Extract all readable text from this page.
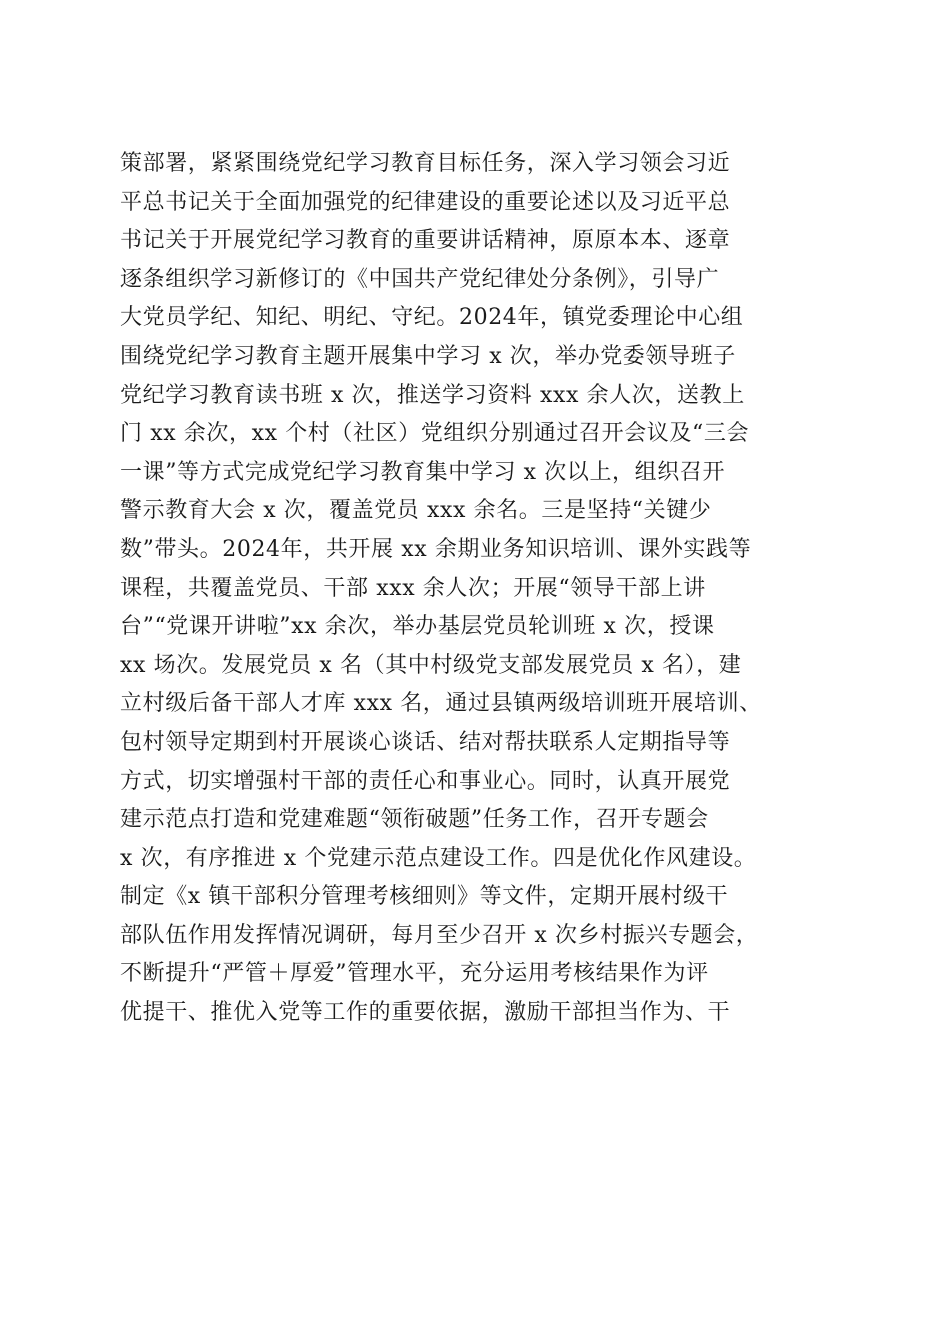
策部署，紧紧围绕党纪学习教育目标任务，深入学习领会习近
平总书记关于全面加强党的纪律建设的重要论述以及习近平总
书记关于开展党纪学习教育的重要讲话精神，原原本本、逐章
逐条组织学习新修订的《中国共产党纪律处分条例》，引导广
大党员学纪、知纪、明纪、守纪。2024年，镇党委理论中心组
围绕党纪学习教育主题开展集中学习 x 次，举办党委领导班子
党纪学习教育读书班 x 次，推送学习资料 xxx 余人次，送教上
门 xx 余次，xx 个村（社区）党组织分别通过召开会议及“三会
一课”等方式完成党纪学习教育集中学习 x 次以上，组织召开
警示教育大会 x 次，覆盖党员 xxx 余名。三是坚持“关键少
数”带头。2024年，共开展 xx 余期业务知识培训、课外实践等
课程，共覆盖党员、干部 xxx 余人次；开展“领导干部上讲
台”“党课开讲啦”xx 余次，举办基层党员轮训班 x 次，授课
xx 场次。发展党员 x 名（其中村级党支部发展党员 x 名），建
立村级后备干部人才库 xxx 名，通过县镇两级培训班开展培训、
包村领导定期到村开展谈心谈话、结对帮扶联系人定期指导等
方式，切实增强村干部的责任心和事业心。同时，认真开展党
建示范点打造和党建难题“领衔破题”任务工作，召开专题会
x 次，有序推进 x 个党建示范点建设工作。四是优化作风建设。
制定《x 镇干部积分管理考核细则》等文件，定期开展村级干
部队伍作用发挥情况调研，每月至少召开 x 次乡村振兴专题会，
不断提升“严管＋厚爱”管理水平，充分运用考核结果作为评
优提干、推优入党等工作的重要依据，激励干部担当作为、干
